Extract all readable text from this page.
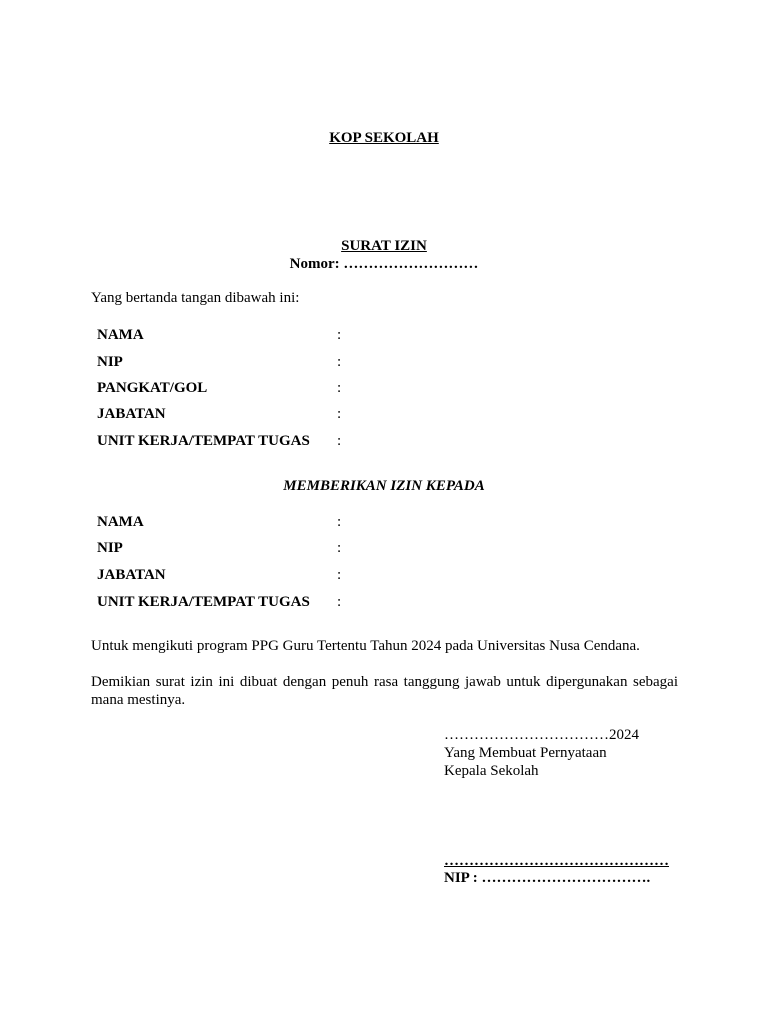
KOP SEKOLAH
SURAT IZIN
Nomor: ………………………
Yang bertanda tangan dibawah ini:
NAMA	:
NIP	:
PANGKAT/GOL	:
JABATAN	:
UNIT KERJA/TEMPAT TUGAS :
MEMBERIKAN IZIN KEPADA
NAMA	:
NIP	:
JABATAN	:
UNIT KERJA/TEMPAT TUGAS :
Untuk mengikuti program PPG Guru Tertentu Tahun 2024 pada Universitas Nusa Cendana.
Demikian surat izin ini dibuat dengan penuh rasa tanggung jawab untuk dipergunakan sebagai mana mestinya.
……………………………2024
Yang Membuat Pernyataan
Kepala Sekolah
………………………………………
NIP : …………………………….
